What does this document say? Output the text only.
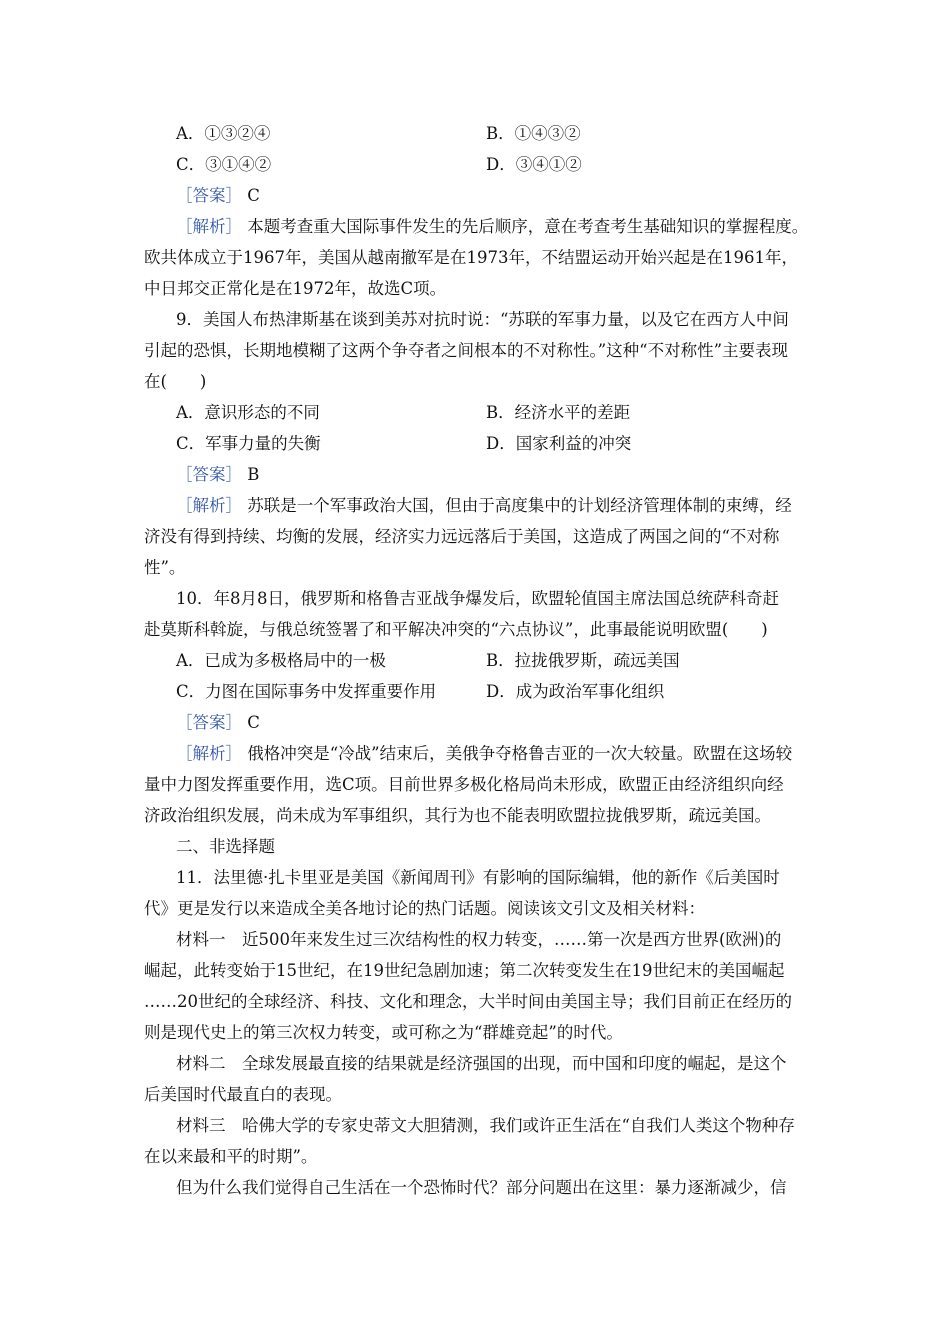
A．①③②④	B．①④③②
C．③①④②	D．③④①②
［答案］ C
［解析］ 本题考查重大国际事件发生的先后顺序，意在考查考生基础知识的掌握程度。
欧共体成立于1967年，美国从越南撤军是在1973年，不结盟运动开始兴起是在1961年，
中日邦交正常化是在1972年，故选C项。
9．美国人布热津斯基在谈到美苏对抗时说：“苏联的军事力量，以及它在西方人中间
引起的恐惧，长期地模糊了这两个争夺者之间根本的不对称性。”这种“不对称性”主要表现
在(　　)
A．意识形态的不同	B．经济水平的差距
C．军事力量的失衡	D．国家利益的冲突
［答案］ B
［解析］ 苏联是一个军事政治大国，但由于高度集中的计划经济管理体制的束缚，经
济没有得到持续、均衡的发展，经济实力远远落后于美国，这造成了两国之间的“不对称
性”。
10．年8月8日，俄罗斯和格鲁吉亚战争爆发后，欧盟轮值国主席法国总统萨科奇赶
赴莫斯科斡旋，与俄总统签署了和平解决冲突的“六点协议”，此事最能说明欧盟(　　)
A．已成为多极格局中的一极	B．拉拢俄罗斯，疏远美国
C．力图在国际事务中发挥重要作用	D．成为政治军事化组织
［答案］ C
［解析］ 俄格冲突是“冷战”结束后，美俄争夺格鲁吉亚的一次大较量。欧盟在这场较
量中力图发挥重要作用，选C项。目前世界多极化格局尚未形成，欧盟正由经济组织向经
济政治组织发展，尚未成为军事组织，其行为也不能表明欧盟拉拢俄罗斯，疏远美国。
二、非选择题
11．法里德·扎卡里亚是美国《新闻周刊》有影响的国际编辑，他的新作《后美国时
代》更是发行以来造成全美各地讨论的热门话题。阅读该文引文及相关材料：
材料一　近500年来发生过三次结构性的权力转变，……第一次是西方世界(欧洲)的
崛起，此转变始于15世纪，在19世纪急剧加速；第二次转变发生在19世纪末的美国崛起
……20世纪的全球经济、科技、文化和理念，大半时间由美国主导；我们目前正在经历的
则是现代史上的第三次权力转变，或可称之为“群雄竞起”的时代。
材料二　全球发展最直接的结果就是经济强国的出现，而中国和印度的崛起，是这个
后美国时代最直白的表现。
材料三　哈佛大学的专家史蒂文大胆猜测，我们或许正生活在“自我们人类这个物种存
在以来最和平的时期”。
但为什么我们觉得自己生活在一个恐怖时代？部分问题出在这里：暴力逐渐减少，信
